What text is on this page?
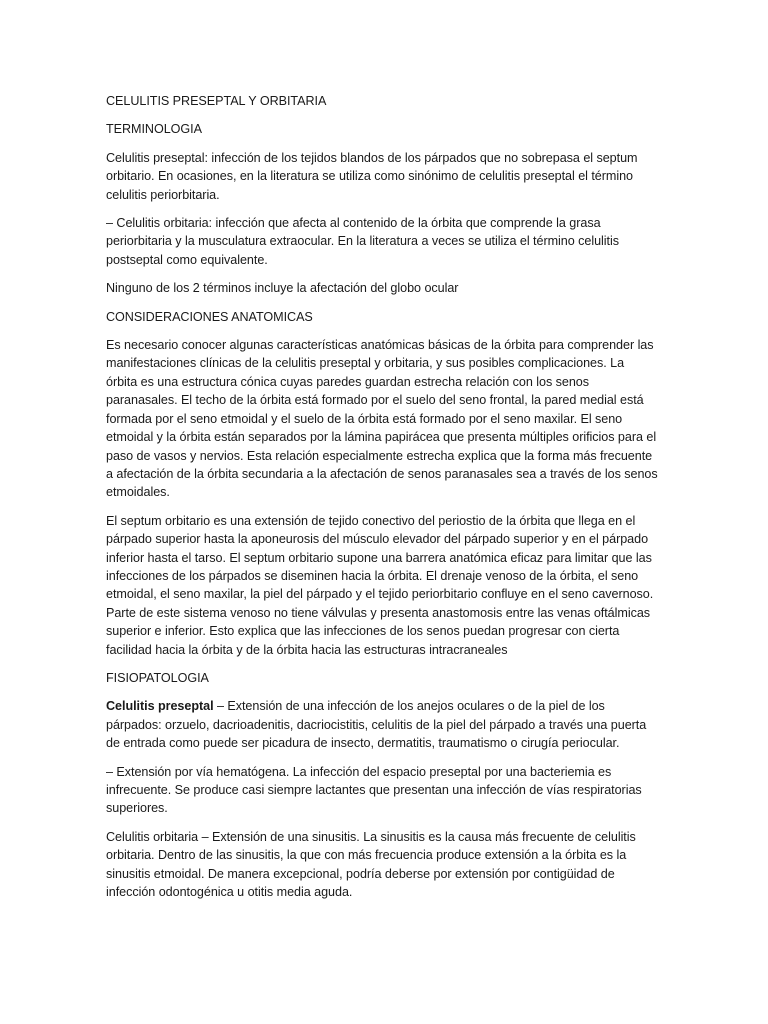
CELULITIS PRESEPTAL Y ORBITARIA

TERMINOLOGIA

Celulitis preseptal: infección de los tejidos blandos de los párpados que no sobrepasa el septum orbitario. En ocasiones, en la literatura se utiliza como sinónimo de celulitis preseptal el término celulitis periorbitaria.

– Celulitis orbitaria: infección que afecta al contenido de la órbita que comprende la grasa periorbitaria y la musculatura extraocular. En la literatura a veces se utiliza el término celulitis postseptal como equivalente.

Ninguno de los 2 términos incluye la afectación del globo ocular

CONSIDERACIONES ANATOMICAS

Es necesario conocer algunas características anatómicas básicas de la órbita para comprender las manifestaciones clínicas de la celulitis preseptal y orbitaria, y sus posibles complicaciones. La órbita es una estructura cónica cuyas paredes guardan estrecha relación con los senos paranasales. El techo de la órbita está formado por el suelo del seno frontal, la pared medial está formada por el seno etmoidal y el suelo de la órbita está formado por el seno maxilar. El seno etmoidal y la órbita están separados por la lámina papirácea que presenta múltiples orificios para el paso de vasos y nervios. Esta relación especialmente estrecha explica que la forma más frecuente a afectación de la órbita secundaria a la afectación de senos paranasales sea a través de los senos etmoidales.

El septum orbitario es una extensión de tejido conectivo del periostio de la órbita que llega en el párpado superior hasta la aponeurosis del músculo elevador del párpado superior y en el párpado inferior hasta el tarso. El septum orbitario supone una barrera anatómica eficaz para limitar que las infecciones de los párpados se diseminen hacia la órbita. El drenaje venoso de la órbita, el seno etmoidal, el seno maxilar, la piel del párpado y el tejido periorbitario confluye en el seno cavernoso. Parte de este sistema venoso no tiene válvulas y presenta anastomosis entre las venas oftálmicas superior e inferior. Esto explica que las infecciones de los senos puedan progresar con cierta facilidad hacia la órbita y de la órbita hacia las estructuras intracraneales

FISIOPATOLOGIA

Celulitis preseptal – Extensión de una infección de los anejos oculares o de la piel de los párpados: orzuelo, dacrioadenitis, dacriocistitis, celulitis de la piel del párpado a través una puerta de entrada como puede ser picadura de insecto, dermatitis, traumatismo o cirugía periocular.

– Extensión por vía hematógena. La infección del espacio preseptal por una bacteriemia es infrecuente. Se produce casi siempre lactantes que presentan una infección de vías respiratorias superiores.

Celulitis orbitaria – Extensión de una sinusitis. La sinusitis es la causa más frecuente de celulitis orbitaria. Dentro de las sinusitis, la que con más frecuencia produce extensión a la órbita es la sinusitis etmoidal. De manera excepcional, podría deberse por extensión por contigüidad de infección odontogénica u otitis media aguda.
